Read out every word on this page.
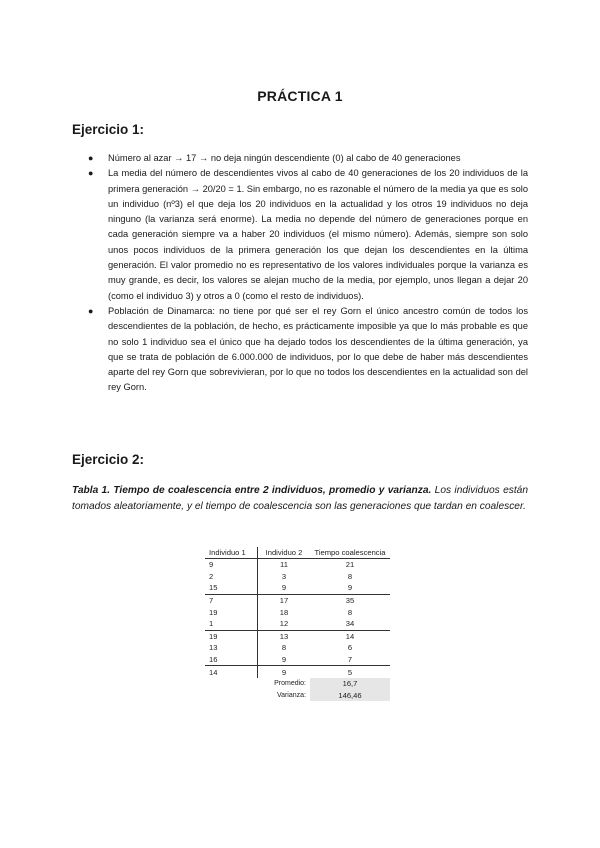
PRÁCTICA 1
Ejercicio 1:
● Número al azar → 17 → no deja ningún descendiente (0) al cabo de 40 generaciones
● La media del número de descendientes vivos al cabo de 40 generaciones de los 20 individuos de la primera generación → 20/20 = 1. Sin embargo, no es razonable el número de la media ya que es solo un individuo (nº3) el que deja los 20 individuos en la actualidad y los otros 19 individuos no deja ninguno (la varianza será enorme). La media no depende del número de generaciones porque en cada generación siempre va a haber 20 individuos (el mismo número). Además, siempre son solo unos pocos individuos de la primera generación los que dejan los descendientes en la última generación. El valor promedio no es representativo de los valores individuales porque la varianza es muy grande, es decir, los valores se alejan mucho de la media, por ejemplo, unos llegan a dejar 20 (como el individuo 3) y otros a 0 (como el resto de individuos).
● Población de Dinamarca: no tiene por qué ser el rey Gorn el único ancestro común de todos los descendientes de la población, de hecho, es prácticamente imposible ya que lo más probable es que no solo 1 individuo sea el único que ha dejado todos los descendientes de la última generación, ya que se trata de población de 6.000.000 de individuos, por lo que debe de haber más descendientes aparte del rey Gorn que sobrevivieran, por lo que no todos los descendientes en la actualidad son del rey Gorn.
Ejercicio 2:
Tabla 1. Tiempo de coalescencia entre 2 individuos, promedio y varianza. Los individuos están tomados aleatoriamente, y el tiempo de coalescencia son las generaciones que tardan en coalescer.
Individuo 1	Individuo 2	Tiempo coalescencia
9	11	21
2	3	8
15	9	9
7	17	35
19	18	8
1	12	34
19	13	14
13	8	6
16	9	7
14	9	5
	Promedio:	16,7
	Varianza:	146,46
